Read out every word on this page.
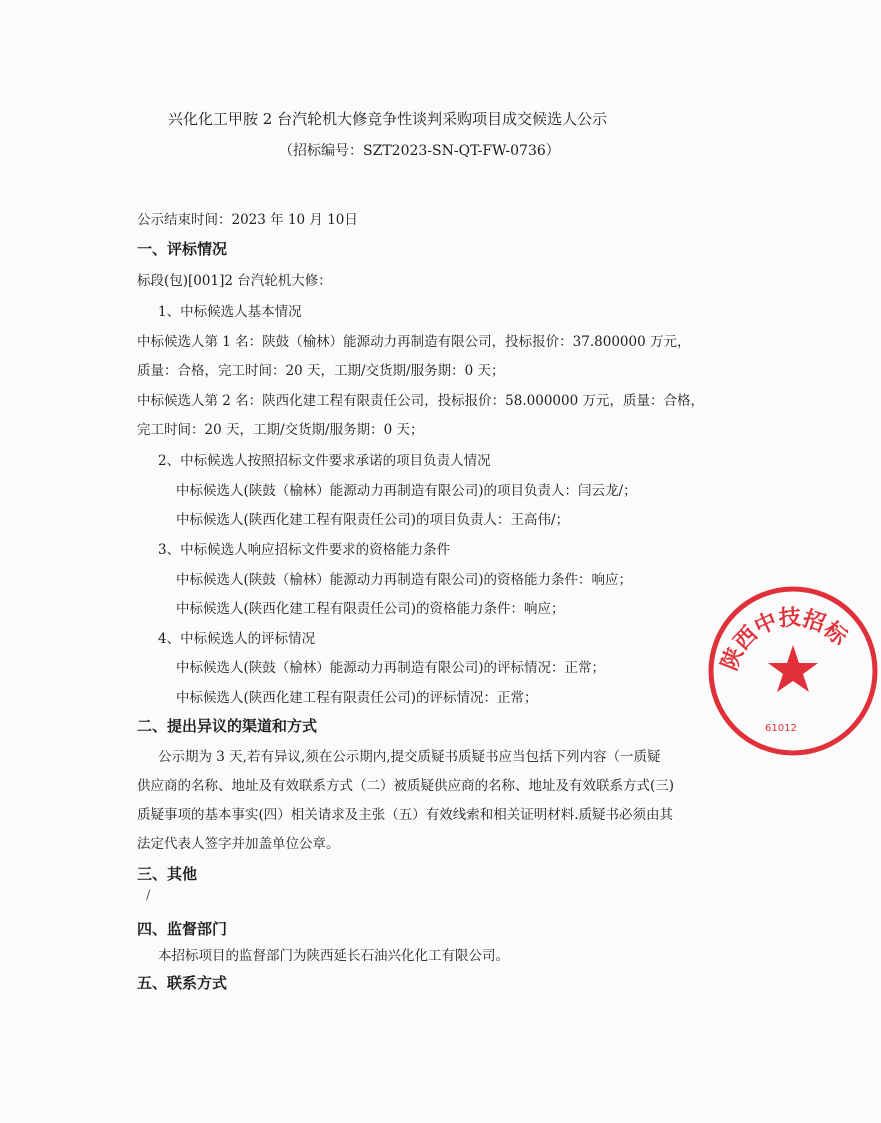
兴化化工甲胺 2 台汽轮机大修竞争性谈判采购项目成交候选人公示
（招标编号：SZT2023-SN-QT-FW-0736）
公示结束时间：2023 年 10 月 10日
一、评标情况
标段(包)[001]2 台汽轮机大修：
1、中标候选人基本情况
中标候选人第 1 名：陕鼓（榆林）能源动力再制造有限公司，投标报价：37.800000 万元，
质量：合格，完工时间：20 天，工期/交货期/服务期：0 天；
中标候选人第 2 名：陕西化建工程有限责任公司，投标报价：58.000000 万元，质量：合格，
完工时间：20 天，工期/交货期/服务期：0 天；
2、中标候选人按照招标文件要求承诺的项目负责人情况
中标候选人(陕鼓（榆林）能源动力再制造有限公司)的项目负责人：闫云龙/；
中标候选人(陕西化建工程有限责任公司)的项目负责人：王高伟/；
3、中标候选人响应招标文件要求的资格能力条件
中标候选人(陕鼓（榆林）能源动力再制造有限公司)的资格能力条件：响应；
中标候选人(陕西化建工程有限责任公司)的资格能力条件：响应；
4、中标候选人的评标情况
中标候选人(陕鼓（榆林）能源动力再制造有限公司)的评标情况：正常；
中标候选人(陕西化建工程有限责任公司)的评标情况：正常；
二、提出异议的渠道和方式
公示期为 3 天,若有异议,须在公示期内,提交质疑书质疑书应当包括下列内容（一质疑
供应商的名称、地址及有效联系方式（二）被质疑供应商的名称、地址及有效联系方式(三)
质疑事项的基本事实(四）相关请求及主张（五）有效线索和相关证明材料.质疑书必须由其
法定代表人签字并加盖单位公章。
三、其他
/
四、监督部门
本招标项目的监督部门为陕西延长石油兴化化工有限公司。
五、联系方式
陕西中技招标
61012
